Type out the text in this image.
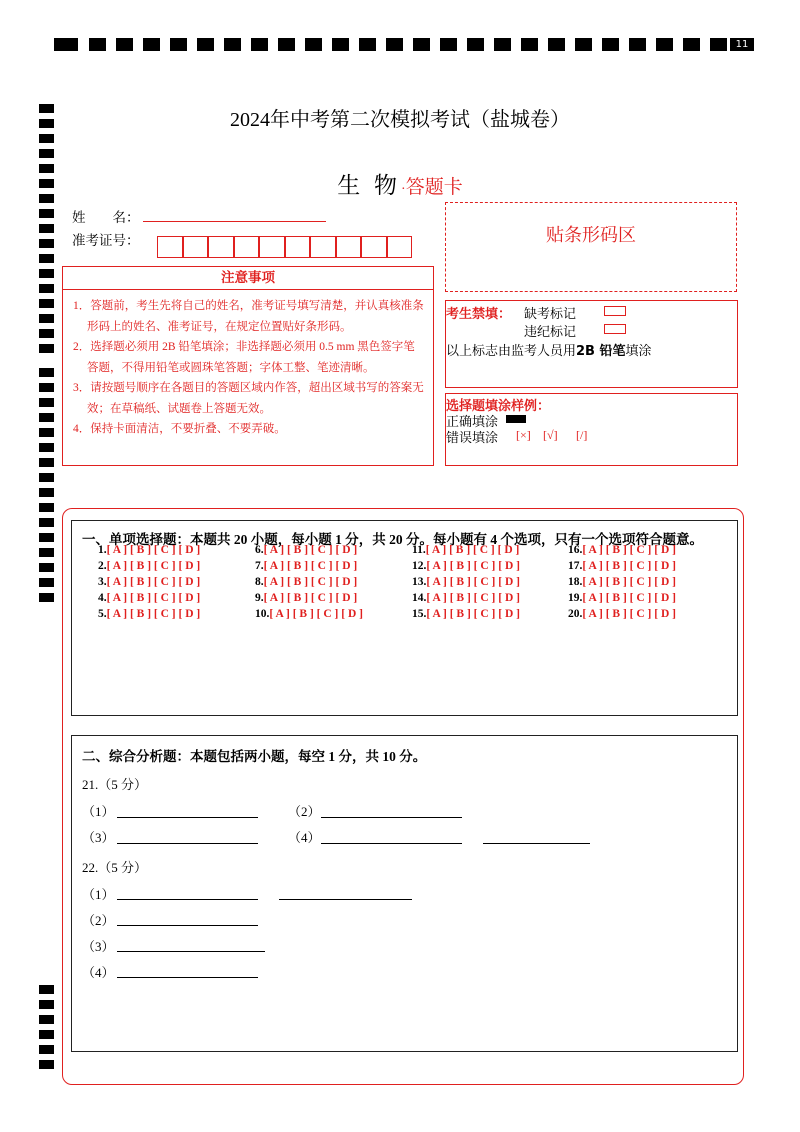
11
2024年中考第二次模拟考试（盐城卷）
生 物·答题卡
姓　　名：
准考证号：	贴条形码区
注意事项
1．答题前，考生先将自己的姓名，准考证号填写清楚，并认真核准条形码上的姓名、准考证号，在规定位置贴好条形码。
2．选择题必须用 2B 铅笔填涂；非选择题必须用 0.5 mm 黑色签字笔答题，不得用铅笔或圆珠笔答题；字体工整、笔迹清晰。
3．请按题号顺序在各题目的答题区域内作答，超出区域书写的答案无效；在草稿纸、试题卷上答题无效。
4．保持卡面清洁，不要折叠、不要弄破。
考生禁填： 缺考标记
违纪标记
以上标志由监考人员用2B 铅笔填涂
选择题填涂样例：
正确填涂
错误填涂 [×] [√] [/]
一、单项选择题：本题共 20 小题，每小题 1 分，共 20 分。每小题有 4 个选项，只有一个选项符合题意。
1.[ A ] [ B ] [ C ] [ D ]
2.[ A ] [ B ] [ C ] [ D ]
3.[ A ] [ B ] [ C ] [ D ]
4.[ A ] [ B ] [ C ] [ D ]
5.[ A ] [ B ] [ C ] [ D ]
6.[ A ] [ B ] [ C ] [ D ]
7.[ A ] [ B ] [ C ] [ D ]
8.[ A ] [ B ] [ C ] [ D ]
9.[ A ] [ B ] [ C ] [ D ]
10.[ A ] [ B ] [ C ] [ D ]
11.[ A ] [ B ] [ C ] [ D ]
12.[ A ] [ B ] [ C ] [ D ]
13.[ A ] [ B ] [ C ] [ D ]
14.[ A ] [ B ] [ C ] [ D ]
15.[ A ] [ B ] [ C ] [ D ]
16.[ A ] [ B ] [ C ] [ D ]
17.[ A ] [ B ] [ C ] [ D ]
18.[ A ] [ B ] [ C ] [ D ]
19.[ A ] [ B ] [ C ] [ D ]
20.[ A ] [ B ] [ C ] [ D ]
二、综合分析题：本题包括两小题，每空 1 分，共 10 分。
21.（5 分）
（1）	（2）
（3）	（4）
22.（5 分）
（1）
（2）
（3）
（4）
